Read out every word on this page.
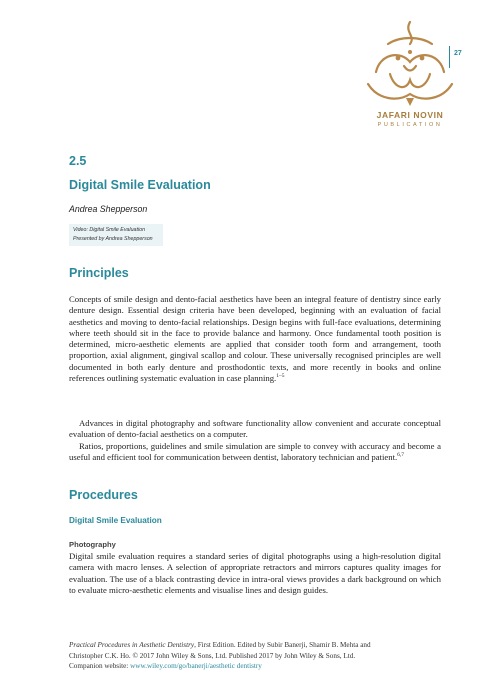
JAFARI NOVIN
PUBLICATION
27
2.5
Digital Smile Evaluation
Andrea Shepperson
Video: Digital Smile Evaluation
Presented by Andrea Shepperson
Principles
Concepts of smile design and dento-facial aesthetics have been an integral feature of dentistry since early denture design. Essential design criteria have been developed, beginning with an evaluation of facial aesthetics and moving to dento-facial relationships. Design begins with full-face evaluations, determining where teeth should sit in the face to provide balance and harmony. Once fundamental tooth position is determined, micro-aesthetic elements are applied that consider tooth form and arrangement, tooth proportion, axial alignment, gingival scallop and colour. These universally recognised principles are well documented in both early denture and prosthodontic texts, and more recently in books and online references outlining systematic evaluation in case planning.$^{1-5}$
Advances in digital photography and software functionality allow convenient and accurate conceptual evaluation of dento-facial aesthetics on a computer.
Ratios, proportions, guidelines and smile simulation are simple to convey with accuracy and become a useful and efficient tool for communication between dentist, laboratory technician and patient.$^{6,7}$
Procedures
Digital Smile Evaluation
Photography
Digital smile evaluation requires a standard series of digital photographs using a high-resolution digital camera with macro lenses. A selection of appropriate retractors and mirrors captures quality images for evaluation. The use of a black contrasting device in intra-oral views provides a dark background on which to evaluate micro-aesthetic elements and visualise lines and design guides.
Practical Procedures in Aesthetic Dentistry, First Edition. Edited by Subir Banerji, Shamir B. Mehta and
Christopher C.K. Ho. © 2017 John Wiley & Sons, Ltd. Published 2017 by John Wiley & Sons, Ltd.
Companion website: www.wiley.com/go/banerji/aesthetic dentistry
